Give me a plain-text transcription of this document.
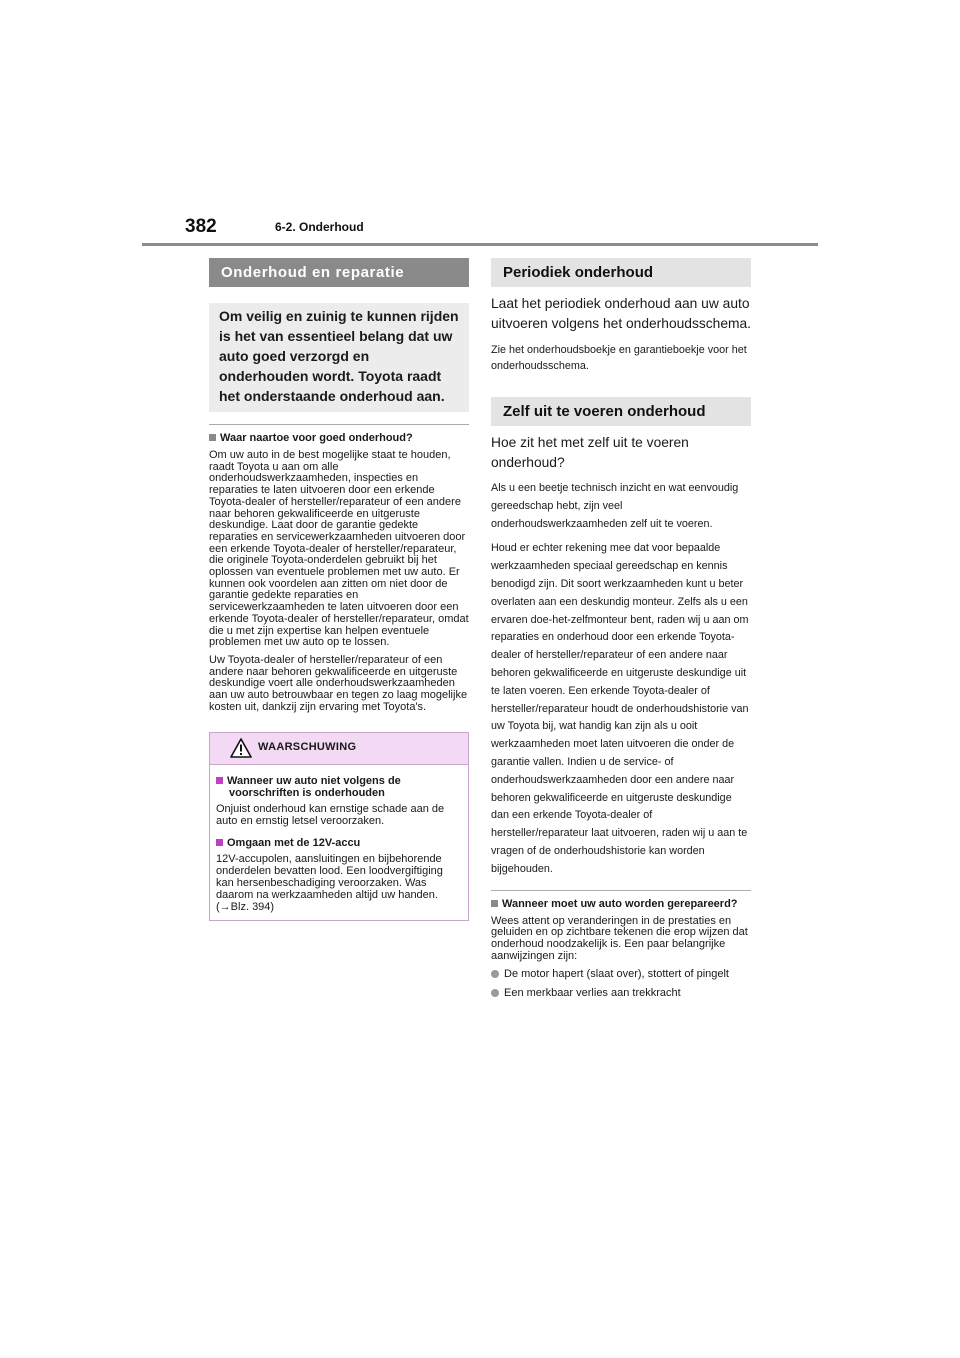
382	6-2. Onderhoud
Onderhoud en reparatie
Om veilig en zuinig te kunnen rijden is het van essentieel belang dat uw auto goed verzorgd en onderhouden wordt. Toyota raadt het onderstaande onderhoud aan.
Waar naartoe voor goed onderhoud?

Om uw auto in de best mogelijke staat te houden, raadt Toyota u aan om alle onderhoudswerkzaamheden, inspecties en reparaties te laten uitvoeren door een erkende Toyota-dealer of hersteller/reparateur of een andere naar behoren gekwalificeerde en uitgeruste deskundige. Laat door de garantie gedekte reparaties en servicewerkzaamheden uitvoeren door een erkende Toyota-dealer of hersteller/reparateur, die originele Toyota-onderdelen gebruikt bij het oplossen van eventuele problemen met uw auto. Er kunnen ook voordelen aan zitten om niet door de garantie gedekte reparaties en servicewerkzaamheden te laten uitvoeren door een erkende Toyota-dealer of hersteller/reparateur, omdat die u met zijn expertise kan helpen eventuele problemen met uw auto op te lossen.

Uw Toyota-dealer of hersteller/reparateur of een andere naar behoren gekwalificeerde en uitgeruste deskundige voert alle onderhoudswerkzaamheden aan uw auto betrouwbaar en tegen zo laag mogelijke kosten uit, dankzij zijn ervaring met Toyota's.

WAARSCHUWING
Wanneer uw auto niet volgens de voorschriften is onderhouden
Onjuist onderhoud kan ernstige schade aan de auto en ernstig letsel veroorzaken.
Omgaan met de 12V-accu
12V-accupolen, aansluitingen en bijbehorende onderdelen bevatten lood. Een loodvergiftiging kan hersenbeschadiging veroorzaken. Was daarom na werkzaamheden altijd uw handen. (→Blz. 394)
Periodiek onderhoud

Laat het periodiek onderhoud aan uw auto uitvoeren volgens het onderhoudsschema.

Zie het onderhoudsboekje en garantieboekje voor het onderhoudsschema.

Zelf uit te voeren onderhoud

Hoe zit het met zelf uit te voeren onderhoud?

Als u een beetje technisch inzicht en wat eenvoudig gereedschap hebt, zijn veel onderhoudswerkzaamheden zelf uit te voeren.

Houd er echter rekening mee dat voor bepaalde werkzaamheden speciaal gereedschap en kennis benodigd zijn. Dit soort werkzaamheden kunt u beter overlaten aan een deskundig monteur. Zelfs als u een ervaren doe-het-zelfmonteur bent, raden wij u aan om reparaties en onderhoud door een erkende Toyota-dealer of hersteller/reparateur of een andere naar behoren gekwalificeerde en uitgeruste deskundige uit te laten voeren. Een erkende Toyota-dealer of hersteller/reparateur houdt de onderhoudshistorie van uw Toyota bij, wat handig kan zijn als u ooit werkzaamheden moet laten uitvoeren die onder de garantie vallen. Indien u de service- of onderhoudswerkzaamheden door een andere naar behoren gekwalificeerde en uitgeruste deskundige dan een erkende Toyota-dealer of hersteller/reparateur laat uitvoeren, raden wij u aan te vragen of de onderhoudshistorie kan worden bijgehouden.

Wanneer moet uw auto worden gerepareerd?

Wees attent op veranderingen in de prestaties en geluiden en op zichtbare tekenen die erop wijzen dat onderhoud noodzakelijk is. Een paar belangrijke aanwijzingen zijn:

De motor hapert (slaat over), stottert of pingelt
Een merkbaar verlies aan trekkracht
